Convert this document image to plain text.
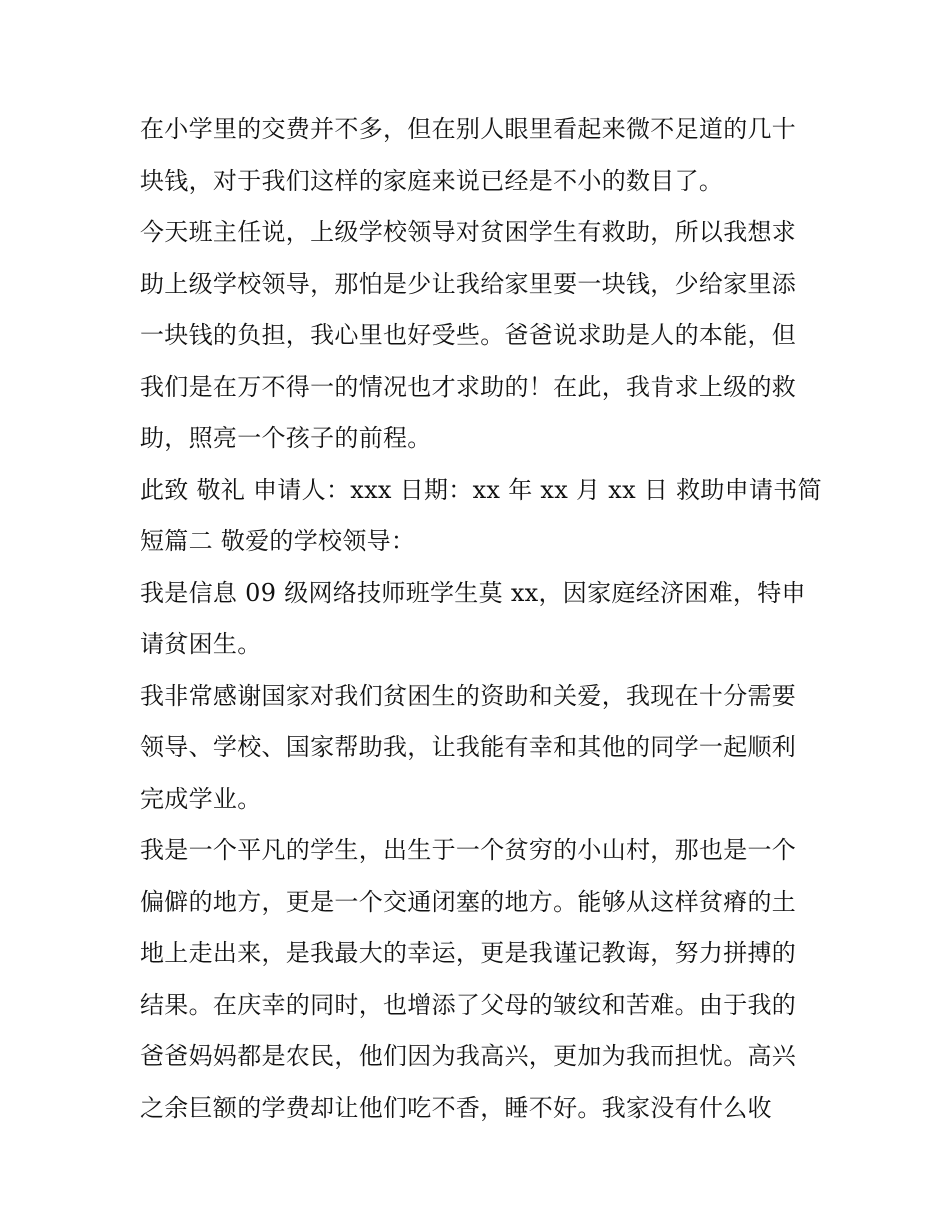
在小学里的交费并不多，但在别人眼里看起来微不足道的几十
块钱，对于我们这样的家庭来说已经是不小的数目了。
今天班主任说，上级学校领导对贫困学生有救助，所以我想求
助上级学校领导，那怕是少让我给家里要一块钱，少给家里添
一块钱的负担，我心里也好受些。爸爸说求助是人的本能，但
我们是在万不得一的情况也才求助的！在此，我肯求上级的救
助，照亮一个孩子的前程。
此致 敬礼 申请人：xxx 日期：xx 年 xx 月 xx 日 救助申请书简
短篇二 敬爱的学校领导：
我是信息 09 级网络技师班学生莫 xx，因家庭经济困难，特申
请贫困生。
我非常感谢国家对我们贫困生的资助和关爱，我现在十分需要
领导、学校、国家帮助我，让我能有幸和其他的同学一起顺利
完成学业。
我是一个平凡的学生，出生于一个贫穷的小山村，那也是一个
偏僻的地方，更是一个交通闭塞的地方。能够从这样贫瘠的土
地上走出来，是我最大的幸运，更是我谨记教诲，努力拼搏的
结果。在庆幸的同时，也增添了父母的皱纹和苦难。由于我的
爸爸妈妈都是农民，他们因为我高兴，更加为我而担忧。高兴
之余巨额的学费却让他们吃不香，睡不好。我家没有什么收
